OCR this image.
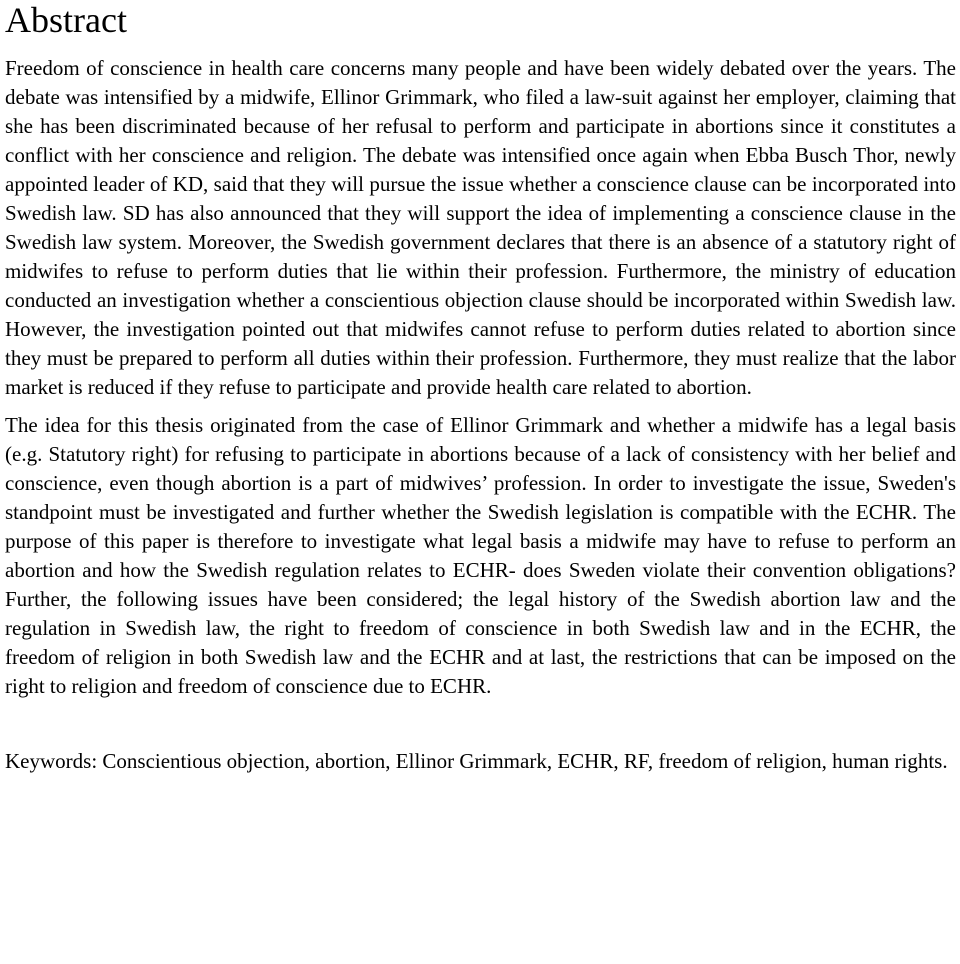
Abstract

Freedom of conscience in health care concerns many people and have been widely debated over the years. The debate was intensified by a midwife, Ellinor Grimmark, who filed a law-suit against her employer, claiming that she has been discriminated because of her refusal to perform and participate in abortions since it constitutes a conflict with her conscience and religion. The debate was intensified once again when Ebba Busch Thor, newly appointed leader of KD, said that they will pursue the issue whether a conscience clause can be incorporated into Swedish law. SD has also announced that they will support the idea of implementing a conscience clause in the Swedish law system. Moreover, the Swedish government declares that there is an absence of a statutory right of midwifes to refuse to perform duties that lie within their profession. Furthermore, the ministry of education conducted an investigation whether a conscientious objection clause should be incorporated within Swedish law. However, the investigation pointed out that midwifes cannot refuse to perform duties related to abortion since they must be prepared to perform all duties within their profession. Furthermore, they must realize that the labor market is reduced if they refuse to participate and provide health care related to abortion.

The idea for this thesis originated from the case of Ellinor Grimmark and whether a midwife has a legal basis (e.g. Statutory right) for refusing to participate in abortions because of a lack of consistency with her belief and conscience, even though abortion is a part of midwives’ profession. In order to investigate the issue, Sweden's standpoint must be investigated and further whether the Swedish legislation is compatible with the ECHR. The purpose of this paper is therefore to investigate what legal basis a midwife may have to refuse to perform an abortion and how the Swedish regulation relates to ECHR- does Sweden violate their convention obligations? Further, the following issues have been considered; the legal history of the Swedish abortion law and the regulation in Swedish law, the right to freedom of conscience in both Swedish law and in the ECHR, the freedom of religion in both Swedish law and the ECHR and at last, the restrictions that can be imposed on the right to religion and freedom of conscience due to ECHR.

Keywords: Conscientious objection, abortion, Ellinor Grimmark, ECHR, RF, freedom of religion, human rights.
